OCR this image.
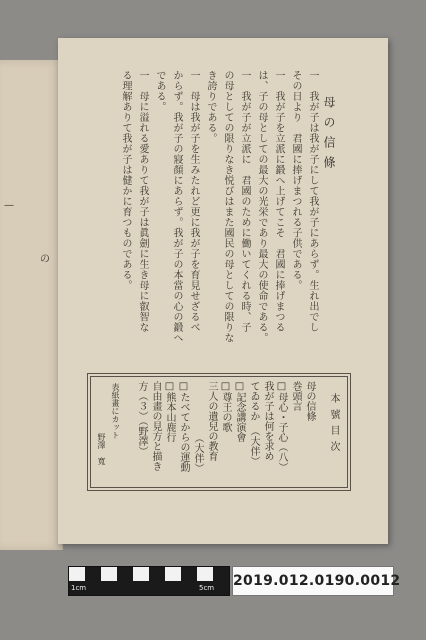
—
の
母の信條
一　我が子は我が子にして我が子にあらず。生れ出でし
その日より　君國に捧げまつれる子供である。
一　我が子を立派に鍛へ上げてこそ　君國に捧げまつる
は、子の母としての最大の光栄であり最大の使命である。
一　我が子が立派に　君國のために働いてくれる時、子
の母としての限りなき悦びはまた國民の母としての限りな
き誇りである。
一　母は我が子を生みたれど更に我が子を育見せざるべ
からず。我が子の寢顏にあらず。我が子の本當の心の鍛へ
である。
一　母に溢れる愛ありて我が子は眞劍に生き母に叡智な
る理解ありて我が子は健かに育つものである。
本號目次
母の信條
巻頭言
□母心・子心（八）
我が子は何を求め
てゐるか　（大伴）
□記念講演會
□尊王の歌
三人の遺兒の教育
（大伴）
□たべてからの運動
□熊本山鹿行
自由畫の見方と描き
方（３）（野澤）
表紙畫にカット
野澤　寬
1cm	5cm 2019.012.0190.0012
